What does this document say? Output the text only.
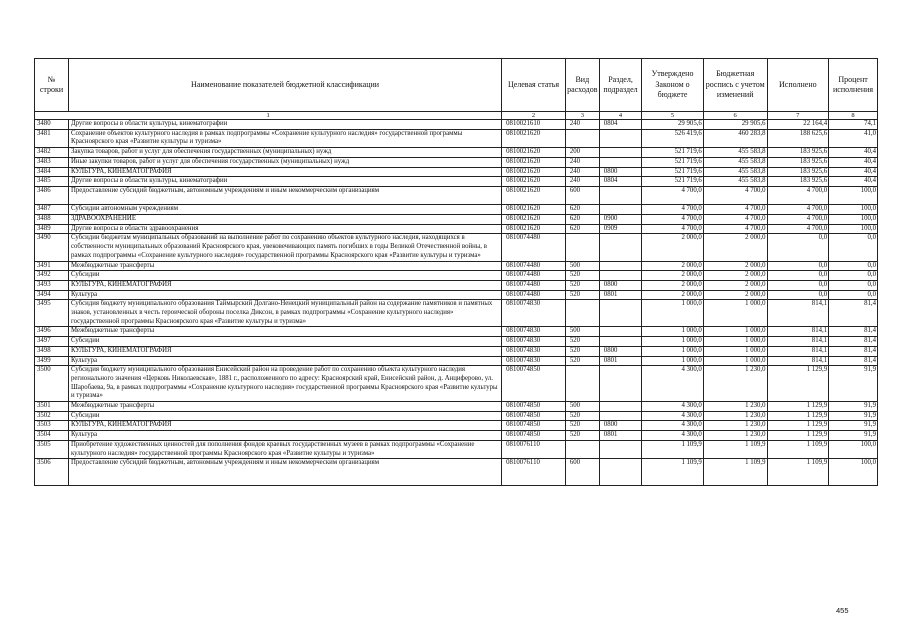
№ строки	Наименование показателей бюджетной классификации	Целевая статья	Вид расходов	Раздел, подраздел	Утверждено Законом о бюджете	Бюджетная роспись с учетом изменений	Исполнено	Процент исполнения
1		2	3	4	5	6	7	8
3480	Другие вопросы в области культуры, кинематографии	0810021610	240	0804	29 905,6	29 905,6	22 164,4	74,1
3481	Сохранение объектов культурного наследия в рамках подпрограммы «Сохранение культурного наследия» государственной программы Красноярского края «Развитие культуры и туризма»	0810021620			526 419,6	460 283,8	188 625,6	41,0
3482	Закупка товаров, работ и услуг для обеспечения государственных (муниципальных) нужд	0810021620	200		521 719,6	455 583,8	183 925,6	40,4
3483	Иные закупки товаров, работ и услуг для обеспечения государственных (муниципальных) нужд	0810021620	240		521 719,6	455 583,8	183 925,6	40,4
3484	КУЛЬТУРА, КИНЕМАТОГРАФИЯ	0810021620	240	0800	521 719,6	455 583,8	183 925,6	40,4
3485	Другие вопросы в области культуры, кинематографии	0810021620	240	0804	521 719,6	455 583,8	183 925,6	40,4
3486	Предоставление субсидий бюджетным, автономным учреждениям и иным некоммерческим организациям	0810021620	600		4 700,0	4 700,0	4 700,0	100,0
3487	Субсидии автономным учреждениям	0810021620	620		4 700,0	4 700,0	4 700,0	100,0
3488	ЗДРАВООХРАНЕНИЕ	0810021620	620	0900	4 700,0	4 700,0	4 700,0	100,0
3489	Другие вопросы в области здравоохранения	0810021620	620	0909	4 700,0	4 700,0	4 700,0	100,0
3490	Субсидии бюджетам муниципальных образований на выполнение работ по сохранению объектов культурного наследия, находящихся в собственности муниципальных образований Красноярского края, увековечивающих память погибших в годы Великой Отечественной войны, в рамках подпрограммы «Сохранение культурного наследия» государственной программы Красноярского края «Развитие культуры и туризма»	0810074480			2 000,0	2 000,0	0,0	0,0
3491	Межбюджетные трансферты	0810074480	500		2 000,0	2 000,0	0,0	0,0
3492	Субсидии	0810074480	520		2 000,0	2 000,0	0,0	0,0
3493	КУЛЬТУРА, КИНЕМАТОГРАФИЯ	0810074480	520	0800	2 000,0	2 000,0	0,0	0,0
3494	Культура	0810074480	520	0801	2 000,0	2 000,0	0,0	0,0
3495	Субсидия бюджету муниципального образования Таймырский Долгано-Ненецкий муниципальный район на содержание памятников и памятных знаков, установленных в честь героической обороны поселка Диксон, в рамках подпрограммы «Сохранение культурного наследия» государственной программы Красноярского края «Развитие культуры и туризма»	0810074830			1 000,0	1 000,0	814,1	81,4
3496	Межбюджетные трансферты	0810074830	500		1 000,0	1 000,0	814,1	81,4
3497	Субсидии	0810074830	520		1 000,0	1 000,0	814,1	81,4
3498	КУЛЬТУРА, КИНЕМАТОГРАФИЯ	0810074830	520	0800	1 000,0	1 000,0	814,1	81,4
3499	Культура	0810074830	520	0801	1 000,0	1 000,0	814,1	81,4
3500	Субсидия бюджету муниципального образования Енисейский район на проведение работ по сохранению объекта культурного наследия регионального значения «Церковь Николаевская», 1881 г., расположенного по адресу: Красноярский край, Енисейский район, д. Анциферово, ул. Шаробаева, 9а, в рамках подпрограммы «Сохранение культурного наследия» государственной программы Красноярского края «Развитие культуры и туризма»	0810074850			4 300,0	1 230,0	1 129,9	91,9
3501	Межбюджетные трансферты	0810074850	500		4 300,0	1 230,0	1 129,9	91,9
3502	Субсидии	0810074850	520		4 300,0	1 230,0	1 129,9	91,9
3503	КУЛЬТУРА, КИНЕМАТОГРАФИЯ	0810074850	520	0800	4 300,0	1 230,0	1 129,9	91,9
3504	Культура	0810074850	520	0801	4 300,0	1 230,0	1 129,9	91,9
3505	Приобретение художественных ценностей для пополнения фондов краевых государственных музеев в рамках подпрограммы «Сохранение культурного наследия» государственной программы Красноярского края «Развитие культуры и туризма»	0810076110			1 109,9	1 109,9	1 109,9	100,0
3506	Предоставление субсидий бюджетным, автономным учреждениям и иным некоммерческим организациям	0810076110	600		1 109,9	1 109,9	1 109,9	100,0
455
